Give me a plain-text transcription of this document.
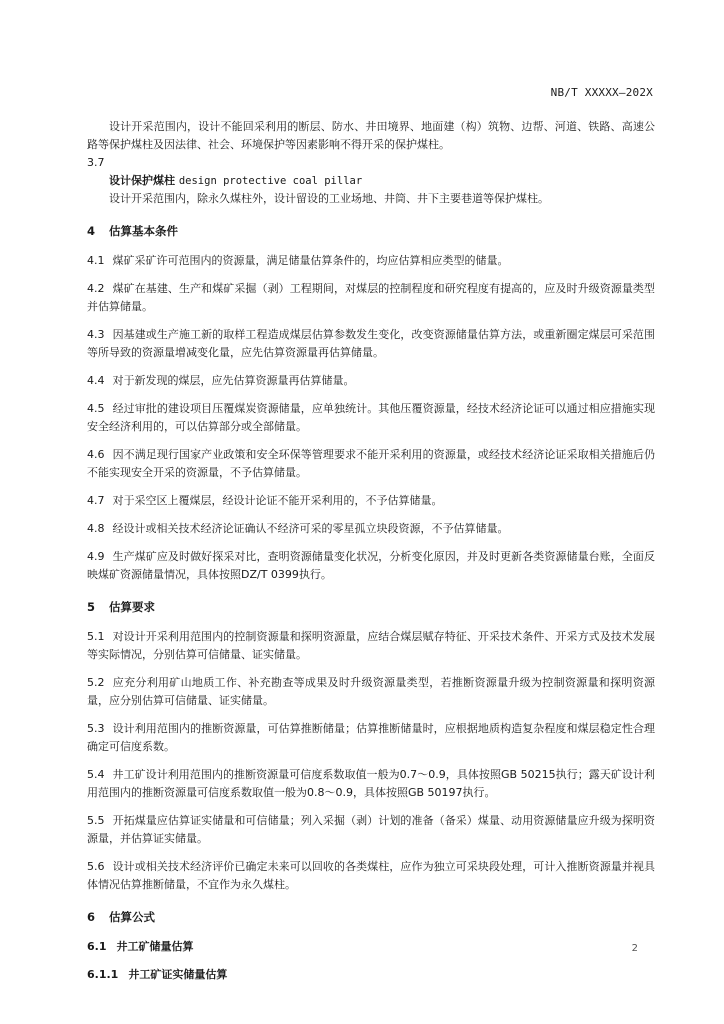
NB/T XXXXX—202X

设计开采范围内，设计不能回采利用的断层、防水、井田境界、地面建（构）筑物、边帮、河道、铁路、高速公路等保护煤柱及因法律、社会、环境保护等因素影响不得开采的保护煤柱。

3.7

设计保护煤柱 design protective coal pillar

设计开采范围内，除永久煤柱外，设计留设的工业场地、井筒、井下主要巷道等保护煤柱。

4 估算基本条件

4.1 煤矿采矿许可范围内的资源量，满足储量估算条件的，均应估算相应类型的储量。

4.2 煤矿在基建、生产和煤矿采掘（剥）工程期间，对煤层的控制程度和研究程度有提高的，应及时升级资源量类型并估算储量。

4.3 因基建或生产施工新的取样工程造成煤层估算参数发生变化，改变资源储量估算方法，或重新圈定煤层可采范围等所导致的资源量增减变化量，应先估算资源量再估算储量。

4.4 对于新发现的煤层，应先估算资源量再估算储量。

4.5 经过审批的建设项目压覆煤炭资源储量，应单独统计。其他压覆资源量，经技术经济论证可以通过相应措施实现安全经济利用的，可以估算部分或全部储量。

4.6 因不满足现行国家产业政策和安全环保等管理要求不能开采利用的资源量，或经技术经济论证采取相关措施后仍不能实现安全开采的资源量，不予估算储量。

4.7 对于采空区上覆煤层，经设计论证不能开采利用的，不予估算储量。

4.8 经设计或相关技术经济论证确认不经济可采的零星孤立块段资源，不予估算储量。

4.9 生产煤矿应及时做好探采对比，查明资源储量变化状况，分析变化原因，并及时更新各类资源储量台账，全面反映煤矿资源储量情况，具体按照DZ/T 0399执行。

5 估算要求

5.1 对设计开采利用范围内的控制资源量和探明资源量，应结合煤层赋存特征、开采技术条件、开采方式及技术发展等实际情况，分别估算可信储量、证实储量。

5.2 应充分利用矿山地质工作、补充勘查等成果及时升级资源量类型，若推断资源量升级为控制资源量和探明资源量，应分别估算可信储量、证实储量。

5.3 设计利用范围内的推断资源量，可估算推断储量；估算推断储量时，应根据地质构造复杂程度和煤层稳定性合理确定可信度系数。

5.4 井工矿设计利用范围内的推断资源量可信度系数取值一般为0.7～0.9，具体按照GB 50215执行；露天矿设计利用范围内的推断资源量可信度系数取值一般为0.8～0.9，具体按照GB 50197执行。

5.5 开拓煤量应估算证实储量和可信储量；列入采掘（剥）计划的准备（备采）煤量、动用资源储量应升级为探明资源量，并估算证实储量。

5.6 设计或相关技术经济评价已确定未来可以回收的各类煤柱，应作为独立可采块段处理，可计入推断资源量并视具体情况估算推断储量，不宜作为永久煤柱。

6 估算公式
6.1 井工矿储量估算
6.1.1 井工矿证实储量估算
2
